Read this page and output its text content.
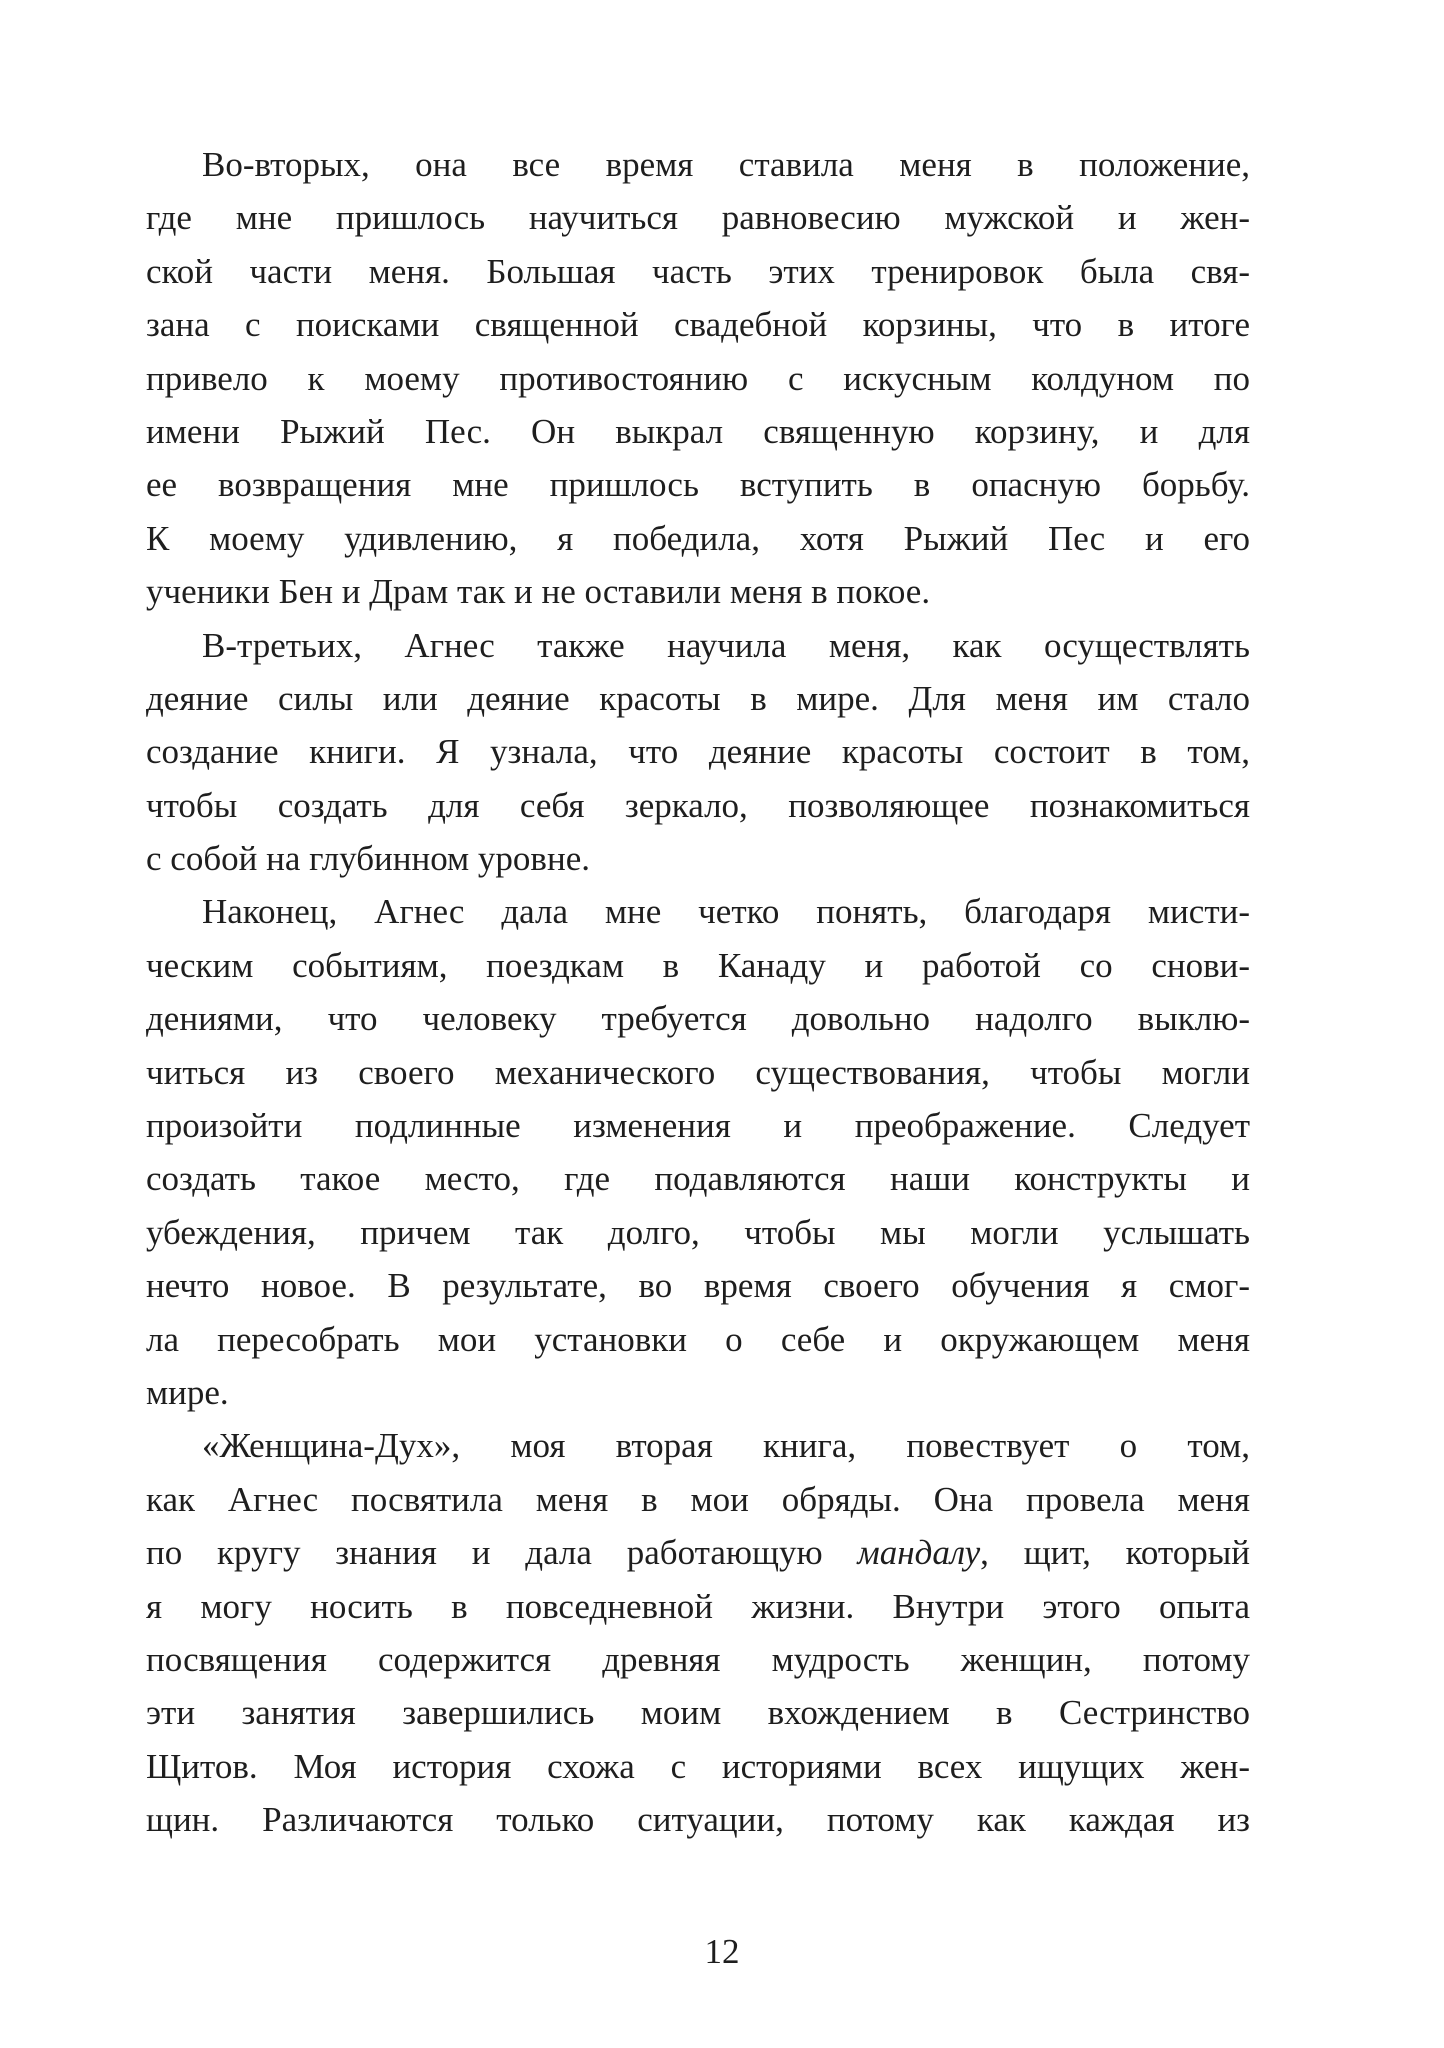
Во-вторых, она все время ставила меня в положение,
где мне пришлось научиться равновесию мужской и жен-
ской части меня. Большая часть этих тренировок была свя-
зана с поисками священной свадебной корзины, что в итоге
привело к моему противостоянию с искусным колдуном по
имени Рыжий Пес. Он выкрал священную корзину, и для
ее возвращения мне пришлось вступить в опасную борьбу.
К моему удивлению, я победила, хотя Рыжий Пес и его
ученики Бен и Драм так и не оставили меня в покое.
В-третьих, Агнес также научила меня, как осуществлять
деяние силы или деяние красоты в мире. Для меня им стало
создание книги. Я узнала, что деяние красоты состоит в том,
чтобы создать для себя зеркало, позволяющее познакомиться
с собой на глубинном уровне.
Наконец, Агнес дала мне четко понять, благодаря мисти-
ческим событиям, поездкам в Канаду и работой со снови-
дениями, что человеку требуется довольно надолго выклю-
читься из своего механического существования, чтобы могли
произойти подлинные изменения и преображение. Следует
создать такое место, где подавляются наши конструкты и
убеждения, причем так долго, чтобы мы могли услышать
нечто новое. В результате, во время своего обучения я смог-
ла пересобрать мои установки о себе и окружающем меня
мире.
«Женщина-Дух», моя вторая книга, повествует о том,
как Агнес посвятила меня в мои обряды. Она провела меня
по кругу знания и дала работающую мандалу, щит, который
я могу носить в повседневной жизни. Внутри этого опыта
посвящения содержится древняя мудрость женщин, потому
эти занятия завершились моим вхождением в Сестринство
Щитов. Моя история схожа с историями всех ищущих жен-
щин. Различаются только ситуации, потому как каждая из
12
